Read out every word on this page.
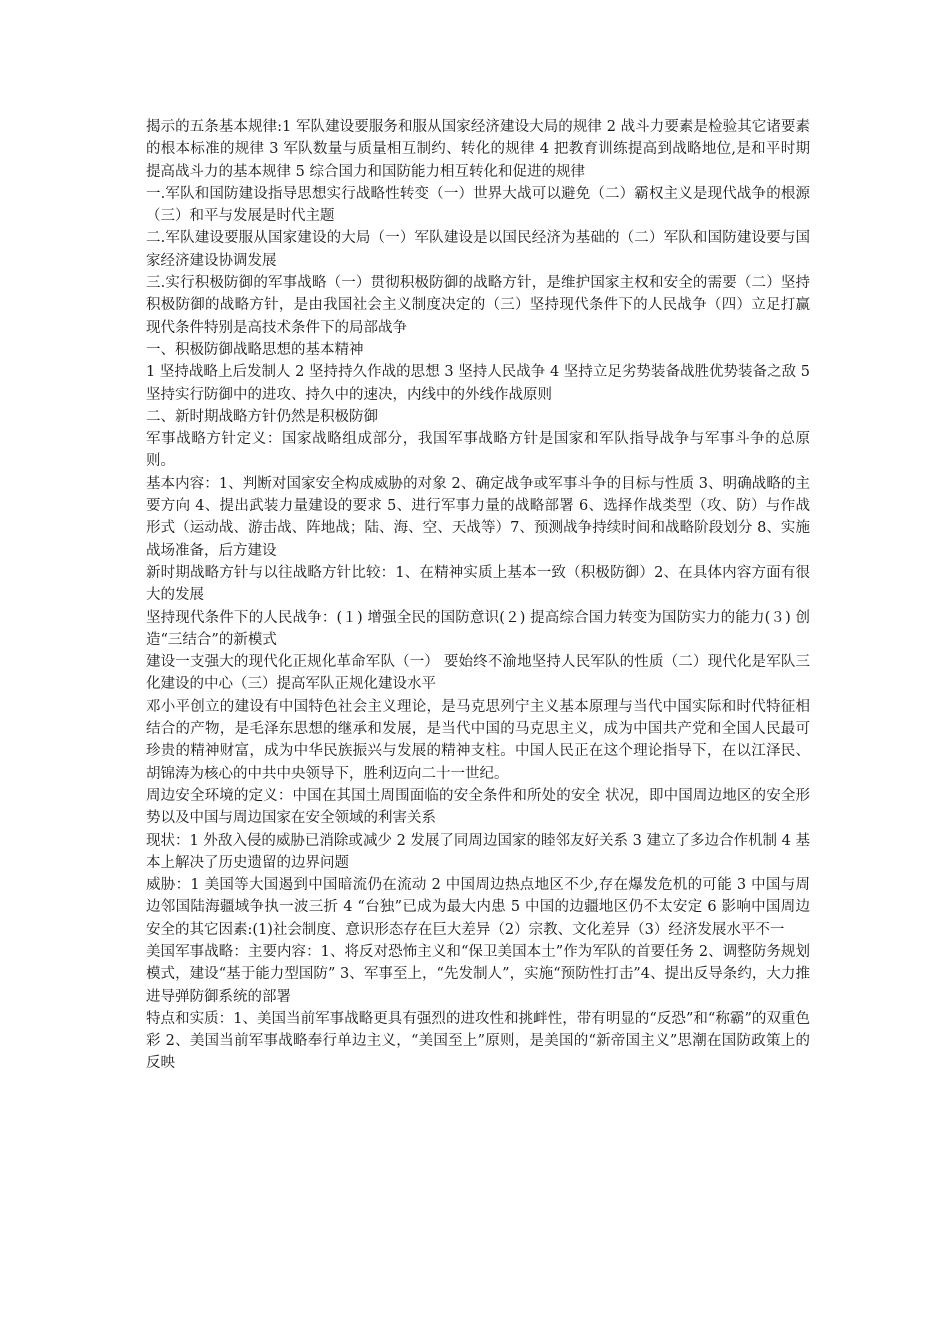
揭示的五条基本规律:1 军队建设要服务和服从国家经济建设大局的规律 2 战斗力要素是检验其它诸要素的根本标准的规律 3 军队数量与质量相互制约、转化的规律 4 把教育训练提高到战略地位,是和平时期提高战斗力的基本规律 5 综合国力和国防能力相互转化和促进的规律

一.军队和国防建设指导思想实行战略性转变（一）世界大战可以避免（二）霸权主义是现代战争的根源（三）和平与发展是时代主题

二.军队建设要服从国家建设的大局（一）军队建设是以国民经济为基础的（二）军队和国防建设要与国家经济建设协调发展

三.实行积极防御的军事战略（一）贯彻积极防御的战略方针，是维护国家主权和安全的需要（二）坚持积极防御的战略方针，是由我国社会主义制度决定的（三）坚持现代条件下的人民战争（四）立足打赢现代条件特别是高技术条件下的局部战争

一、积极防御战略思想的基本精神

1 坚持战略上后发制人 2 坚持持久作战的思想 3 坚持人民战争 4 坚持立足劣势装备战胜优势装备之敌 5 坚持实行防御中的进攻、持久中的速决，内线中的外线作战原则

二、新时期战略方针仍然是积极防御

军事战略方针定义：国家战略组成部分，我国军事战略方针是国家和军队指导战争与军事斗争的总原则。

基本内容：1、判断对国家安全构成威胁的对象 2、确定战争或军事斗争的目标与性质 3、明确战略的主要方向 4、提出武装力量建设的要求 5、进行军事力量的战略部署 6、选择作战类型（攻、防）与作战形式（运动战、游击战、阵地战；陆、海、空、天战等）7、预测战争持续时间和战略阶段划分 8、实施战场准备，后方建设

新时期战略方针与以往战略方针比较：1、在精神实质上基本一致（积极防御）2、在具体内容方面有很大的发展

坚持现代条件下的人民战争：(１) 增强全民的国防意识(２) 提高综合国力转变为国防实力的能力(３) 创造“三结合”的新模式

建设一支强大的现代化正规化革命军队（一） 要始终不渝地坚持人民军队的性质（二）现代化是军队三化建设的中心（三）提高军队正规化建设水平

邓小平创立的建设有中国特色社会主义理论，是马克思列宁主义基本原理与当代中国实际和时代特征相结合的产物，是毛泽东思想的继承和发展，是当代中国的马克思主义，成为中国共产党和全国人民最可珍贵的精神财富，成为中华民族振兴与发展的精神支柱。中国人民正在这个理论指导下，在以江泽民、胡锦涛为核心的中共中央领导下，胜利迈向二十一世纪。

周边安全环境的定义：中国在其国土周围面临的安全条件和所处的安全 状况，即中国周边地区的安全形势以及中国与周边国家在安全领域的利害关系

现状：1 外敌入侵的威胁已消除或减少 2 发展了同周边国家的睦邻友好关系 3 建立了多边合作机制 4 基本上解决了历史遗留的边界问题

威胁：1 美国等大国遏到中国暗流仍在流动 2 中国周边热点地区不少,存在爆发危机的可能 3 中国与周边邻国陆海疆域争执一波三折 4 “台独”已成为最大内患 5 中国的边疆地区仍不太安定 6 影响中国周边安全的其它因素:(1)社会制度、意识形态存在巨大差异（2）宗教、文化差异（3）经济发展水平不一

美国军事战略：主要内容：1、将反对恐怖主义和“保卫美国本土”作为军队的首要任务 2、调整防务规划模式，建设“基于能力型国防” 3、军事至上，“先发制人”，实施“预防性打击”4、提出反导条约，大力推进导弹防御系统的部署

特点和实质：1、美国当前军事战略更具有强烈的进攻性和挑衅性，带有明显的“反恐”和“称霸”的双重色彩 2、美国当前军事战略奉行单边主义，“美国至上”原则，是美国的“新帝国主义”思潮在国防政策上的反映
